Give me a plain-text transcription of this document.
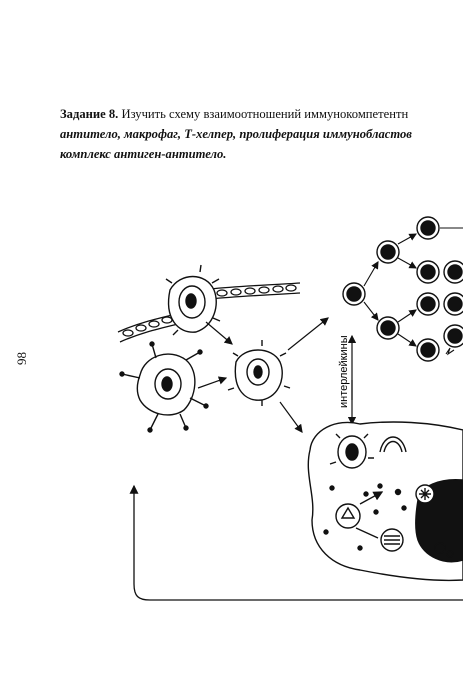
Задание 8. Изучить схему взаимоотношений иммунокомпетентн
антитело, макрофаг, Т-хелпер, пролиферация иммунобластов
комплекс антиген-антитело.
98	интерлейкины
